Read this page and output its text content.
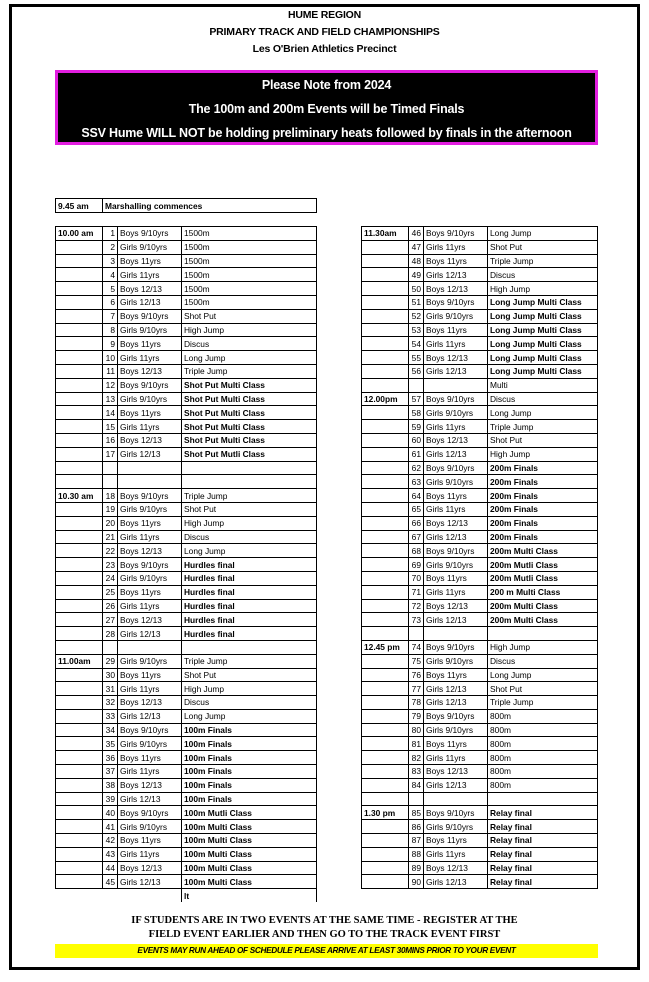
HUME REGION
PRIMARY TRACK AND FIELD CHAMPIONSHIPS
Les O'Brien Athletics Precinct
Please Note from 2024
The 100m and 200m Events will be Timed Finals
SSV Hume WILL NOT be holding preliminary heats followed by finals in the afternoon
9.45 am	Marshalling commences
10.00 am	1	Boys 9/10yrs	1500m
	2	Girls 9/10yrs	1500m
	3	Boys 11yrs	1500m
	4	Girls 11yrs	1500m
	5	Boys 12/13	1500m
	6	Girls 12/13	1500m
	7	Boys 9/10yrs	Shot Put
	8	Girls 9/10yrs	High Jump
	9	Boys 11yrs	Discus
	10	Girls 11yrs	Long Jump
	11	Boys 12/13	Triple Jump
	12	Boys 9/10yrs	Shot Put Multi Class
	13	Girls 9/10yrs	Shot Put Multi Class
	14	Boys 11yrs	Shot Put Multi Class
	15	Girls 11yrs	Shot Put Multi Class
	16	Boys 12/13	Shot Put Multi Class
	17	Girls 12/13	Shot Put Mutli Class

10.30 am	18	Boys 9/10yrs	Triple Jump
	19	Girls 9/10yrs	Shot Put
	20	Boys 11yrs	High Jump
	21	Girls 11yrs	Discus
	22	Boys 12/13	Long Jump
	23	Boys 9/10yrs	Hurdles final
	24	Girls 9/10yrs	Hurdles final
	25	Boys 11yrs	Hurdles final
	26	Girls 11yrs	Hurdles final
	27	Boys 12/13	Hurdles final
	28	Girls 12/13	Hurdles final

11.00am	29	Girls 9/10yrs	Triple Jump
	30	Boys 11yrs	Shot Put
	31	Girls 11yrs	High Jump
	32	Boys 12/13	Discus
	33	Girls 12/13	Long Jump
	34	Boys 9/10yrs	100m Finals
	35	Girls 9/10yrs	100m Finals
	36	Boys 11yrs	100m Finals
	37	Girls 11yrs	100m Finals
	38	Boys 12/13	100m Finals
	39	Girls 12/13	100m Finals
	40	Boys 9/10yrs	100m Mutli Class
	41	Girls 9/10yrs	100m Multi Class
	42	Boys 11yrs	100m Multi Class
	43	Girls 11yrs	100m Multi Class
	44	Boys 12/13	100m Multi Class
	45	Girls 12/13	100m Multi Class
			lt
11.30am	46	Boys 9/10yrs	Long Jump
	47	Girls 11yrs	Shot Put
	48	Boys 11yrs	Triple Jump
	49	Girls 12/13	Discus
	50	Boys 12/13	High Jump
	51	Boys 9/10yrs	Long Jump Multi Class
	52	Girls 9/10yrs	Long Jump Multi Class
	53	Boys 11yrs	Long Jump Multi Class
	54	Girls 11yrs	Long Jump Multi Class
	55	Boys 12/13	Long Jump Multi Class
	56	Girls 12/13	Long Jump Multi Class
			Multi
12.00pm	57	Boys 9/10yrs	Discus
	58	Girls 9/10yrs	Long Jump
	59	Girls 11yrs	Triple Jump
	60	Boys 12/13	Shot Put
	61	Girls 12/13	High Jump
	62	Boys 9/10yrs	200m Finals
	63	Girls 9/10yrs	200m Finals
	64	Boys 11yrs	200m Finals
	65	Girls 11yrs	200m Finals
	66	Boys 12/13	200m Finals
	67	Girls 12/13	200m Finals
	68	Boys 9/10yrs	200m Multi Class
	69	Girls 9/10yrs	200m Mutli Class
	70	Boys 11yrs	200m Mutli Class
	71	Girls 11yrs	200 m Multi Class
	72	Boys 12/13	200m Multi Class
	73	Girls 12/13	200m Multi Class

12.45 pm	74	Boys 9/10yrs	High Jump
	75	Girls 9/10yrs	Discus
	76	Boys 11yrs	Long Jump
	77	Girls 12/13	Shot Put
	78	Girls 12/13	Triple Jump
	79	Boys 9/10yrs	800m
	80	Girls 9/10yrs	800m
	81	Boys 11yrs	800m
	82	Girls 11yrs	800m
	83	Boys 12/13	800m
	84	Girls 12/13	800m

1.30 pm	85	Boys 9/10yrs	Relay final
	86	Girls 9/10yrs	Relay final
	87	Boys 11yrs	Relay final
	88	Girls 11yrs	Relay final
	89	Boys 12/13	Relay final
	90	Girls 12/13	Relay final
IF STUDENTS ARE IN TWO EVENTS AT THE SAME TIME - REGISTER AT THE
FIELD EVENT EARLIER AND THEN GO TO THE TRACK EVENT FIRST
EVENTS MAY RUN AHEAD OF SCHEDULE PLEASE ARRIVE AT LEAST 30MINS PRIOR TO YOUR EVENT
